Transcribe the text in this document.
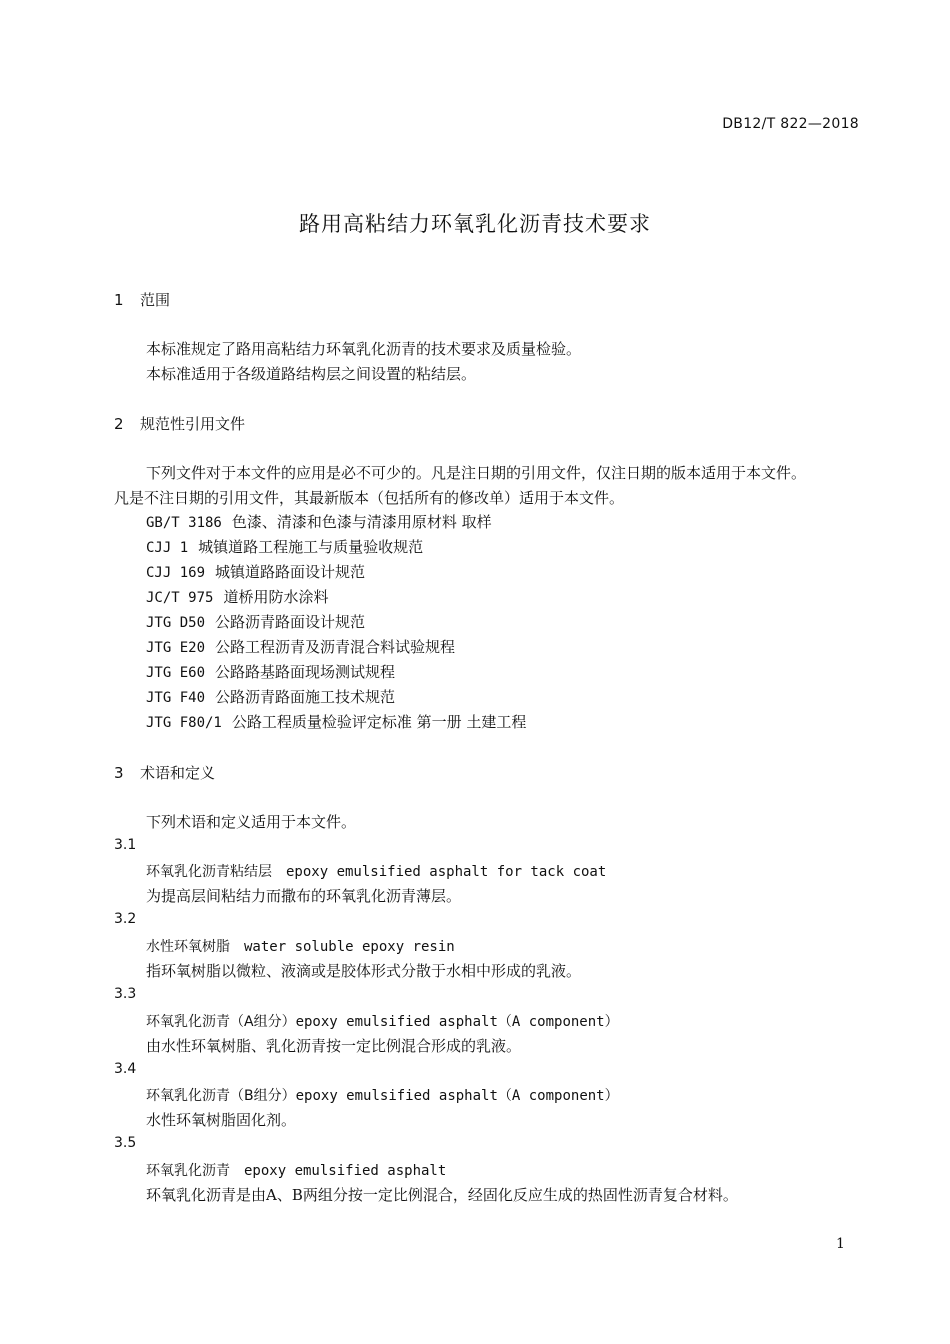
DB12/T 822—2018
路用高粘结力环氧乳化沥青技术要求
1 范围
本标准规定了路用高粘结力环氧乳化沥青的技术要求及质量检验。
本标准适用于各级道路结构层之间设置的粘结层。
2 规范性引用文件
下列文件对于本文件的应用是必不可少的。凡是注日期的引用文件，仅注日期的版本适用于本文件。
凡是不注日期的引用文件，其最新版本（包括所有的修改单）适用于本文件。
GB/T 3186 色漆、清漆和色漆与清漆用原材料 取样
CJJ 1 城镇道路工程施工与质量验收规范
CJJ 169 城镇道路路面设计规范
JC/T 975 道桥用防水涂料
JTG D50 公路沥青路面设计规范
JTG E20 公路工程沥青及沥青混合料试验规程
JTG E60 公路路基路面现场测试规程
JTG F40 公路沥青路面施工技术规范
JTG F80/1 公路工程质量检验评定标准 第一册 土建工程
3 术语和定义
下列术语和定义适用于本文件。
3.1
环氧乳化沥青粘结层 epoxy emulsified asphalt for tack coat
为提高层间粘结力而撒布的环氧乳化沥青薄层。
3.2
水性环氧树脂 water soluble epoxy resin
指环氧树脂以微粒、液滴或是胶体形式分散于水相中形成的乳液。
3.3
环氧乳化沥青（A组分）epoxy emulsified asphalt（A component）
由水性环氧树脂、乳化沥青按一定比例混合形成的乳液。
3.4
环氧乳化沥青（B组分）epoxy emulsified asphalt（A component）
水性环氧树脂固化剂。
3.5
环氧乳化沥青 epoxy emulsified asphalt
环氧乳化沥青是由A、B两组分按一定比例混合，经固化反应生成的热固性沥青复合材料。
1
